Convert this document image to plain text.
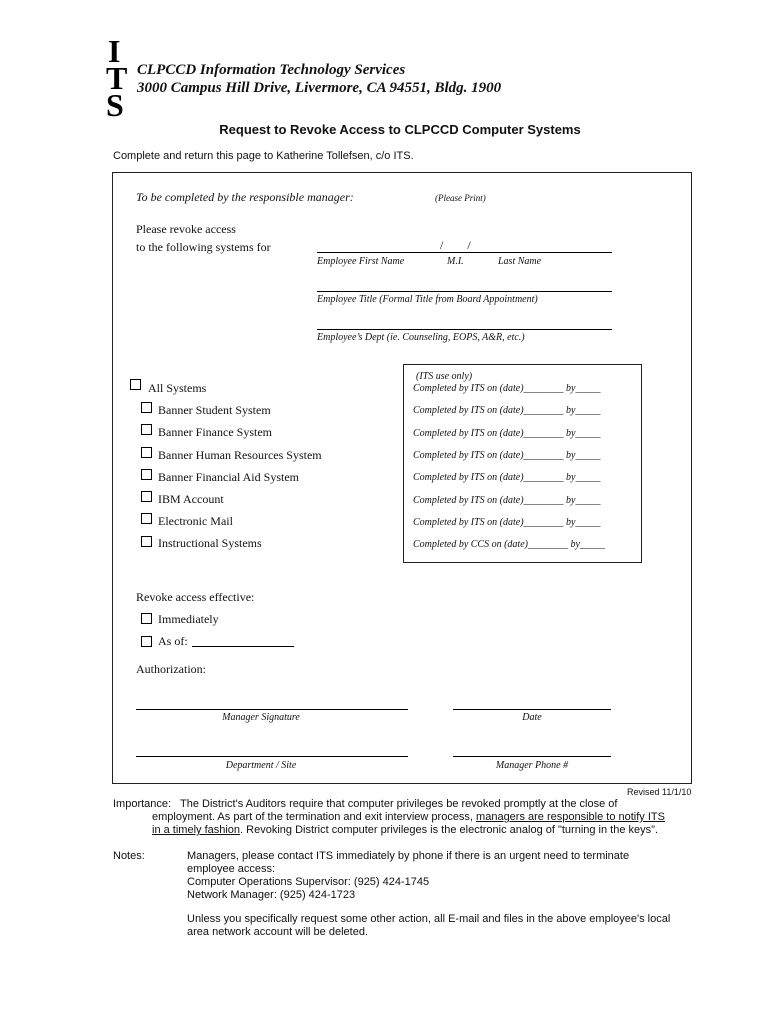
I
T
S
CLPCCD Information Technology Services
3000 Campus Hill Drive, Livermore, CA 94551, Bldg. 1900
Request to Revoke Access to CLPCCD Computer Systems
Complete and return this page to Katherine Tollefsen, c/o ITS.
To be completed by the responsible manager:	(Please Print)
Please revoke access
to the following systems for	/        /
Employee First Name	M.I.	Last Name
Employee Title (Formal Title from Board Appointment)
Employee’s Dept (ie. Counseling, EOPS, A&R, etc.)
(ITS use only)
All Systems	Completed by ITS on (date)________ by_____
Banner Student System	Completed by ITS on (date)________ by_____
Banner Finance System	Completed by ITS on (date)________ by_____
Banner Human Resources System	Completed by ITS on (date)________ by_____
Banner Financial Aid System	Completed by ITS on (date)________ by_____
IBM Account	Completed by ITS on (date)________ by_____
Electronic Mail	Completed by ITS on (date)________ by_____
Instructional Systems	Completed by CCS on (date)________ by_____
Revoke access effective:
Immediately
As of:
Authorization:
Manager Signature	Date
Department / Site	Manager Phone #
Revised 11/1/10
Importance: The District's Auditors require that computer privileges be revoked promptly at the close of
employment. As part of the termination and exit interview process, managers are responsible to notify ITS
in a timely fashion. Revoking District computer privileges is the electronic analog of "turning in the keys".
Notes:	Managers, please contact ITS immediately by phone if there is an urgent need to terminate
employee access:
Computer Operations Supervisor: (925) 424-1745
Network Manager: (925) 424-1723
Unless you specifically request some other action, all E-mail and files in the above employee's local
area network account will be deleted.
